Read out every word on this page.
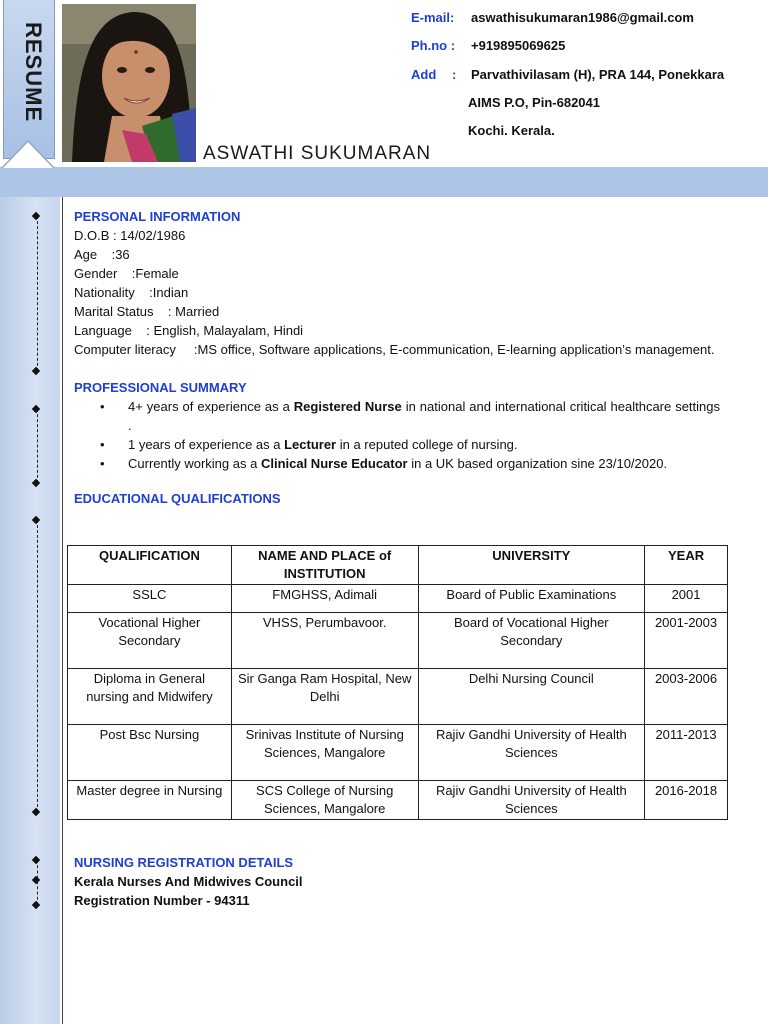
RESUME
ASWATHI SUKUMARAN
E-mail: aswathisukumaran1986@gmail.com
Ph.no : +919895069625
Add : Parvathivilasam (H), PRA 144, Ponekkara
AIMS P.O, Pin-682041
Kochi. Kerala.
PERSONAL INFORMATION
D.O.B : 14/02/1986
Age    :36
Gender    :Female
Nationality    :Indian
Marital Status    : Married
Language    : English, Malayalam, Hindi
Computer literacy     :MS office, Software applications, E-communication, E-learning application’s management.
PROFESSIONAL SUMMARY
• 4+ years of experience as a Registered Nurse in national and international critical healthcare settings .
• 1 years of experience as a Lecturer in a reputed college of nursing.
• Currently working as a Clinical Nurse Educator in a UK based organization sine 23/10/2020.
EDUCATIONAL QUALIFICATIONS
QUALIFICATION	NAME AND PLACE of INSTITUTION	UNIVERSITY	YEAR
SSLC	FMGHSS, Adimali	Board of Public Examinations	2001
Vocational Higher Secondary	VHSS, Perumbavoor.	Board of Vocational Higher Secondary	2001-2003
Diploma in General nursing and Midwifery	Sir Ganga Ram Hospital, New Delhi	Delhi Nursing Council	2003-2006
Post Bsc Nursing	Srinivas Institute of Nursing Sciences, Mangalore	Rajiv Gandhi University of Health Sciences	2011-2013
Master degree in Nursing	SCS College of Nursing Sciences, Mangalore	Rajiv Gandhi University of Health Sciences	2016-2018
NURSING REGISTRATION DETAILS
Kerala Nurses And Midwives Council
Registration Number - 94311
